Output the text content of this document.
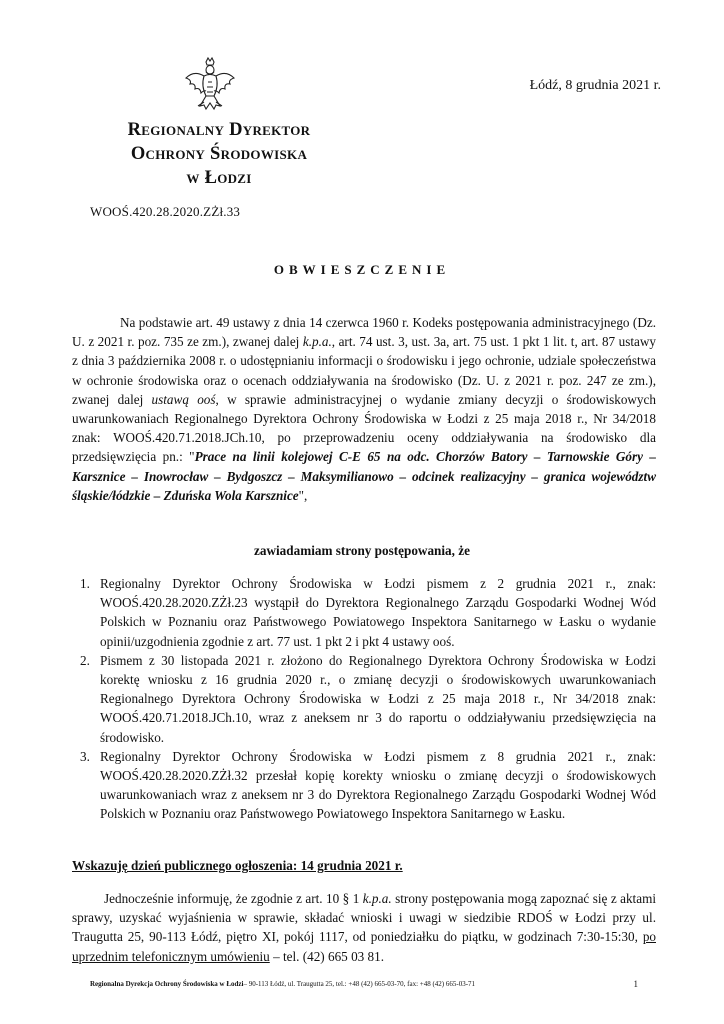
Łódź, 8 grudnia 2021 r.
Regionalny Dyrektor
Ochrony Środowiska
w Łodzi
WOOŚ.420.28.2020.ZŻł.33
OBWIESZCZENIE
Na podstawie art. 49 ustawy z dnia 14 czerwca 1960 r. Kodeks postępowania administracyjnego (Dz. U. z 2021 r. poz. 735 ze zm.), zwanej dalej k.p.a., art. 74 ust. 3, ust. 3a, art. 75 ust. 1 pkt 1 lit. t, art. 87 ustawy z dnia 3 października 2008 r. o udostępnianiu informacji o środowisku i jego ochronie, udziale społeczeństwa w ochronie środowiska oraz o ocenach oddziaływania na środowisko (Dz. U. z 2021 r. poz. 247 ze zm.), zwanej dalej ustawą ooś, w sprawie administracyjnej o wydanie zmiany decyzji o środowiskowych uwarunkowaniach Regionalnego Dyrektora Ochrony Środowiska w Łodzi z 25 maja 2018 r., Nr 34/2018 znak: WOOŚ.420.71.2018.JCh.10, po przeprowadzeniu oceny oddziaływania na środowisko dla przedsięwzięcia pn.: "Prace na linii kolejowej C-E 65 na odc. Chorzów Batory – Tarnowskie Góry – Karsznice – Inowrocław – Bydgoszcz – Maksymilianowo – odcinek realizacyjny – granica województw śląskie/łódzkie – Zduńska Wola Karsznice",
zawiadamiam strony postępowania, że
1. Regionalny Dyrektor Ochrony Środowiska w Łodzi pismem z 2 grudnia 2021 r., znak: WOOŚ.420.28.2020.ZŻł.23 wystąpił do Dyrektora Regionalnego Zarządu Gospodarki Wodnej Wód Polskich w Poznaniu oraz Państwowego Powiatowego Inspektora Sanitarnego w Łasku o wydanie opinii/uzgodnienia zgodnie z art. 77 ust. 1 pkt 2 i pkt 4 ustawy ooś.
2. Pismem z 30 listopada 2021 r. złożono do Regionalnego Dyrektora Ochrony Środowiska w Łodzi korektę wniosku z 16 grudnia 2020 r., o zmianę decyzji o środowiskowych uwarunkowaniach Regionalnego Dyrektora Ochrony Środowiska w Łodzi z 25 maja 2018 r., Nr 34/2018 znak: WOOŚ.420.71.2018.JCh.10, wraz z aneksem nr 3 do raportu o oddziaływaniu przedsięwzięcia na środowisko.
3. Regionalny Dyrektor Ochrony Środowiska w Łodzi pismem z 8 grudnia 2021 r., znak: WOOŚ.420.28.2020.ZŻł.32 przesłał kopię korekty wniosku o zmianę decyzji o środowiskowych uwarunkowaniach wraz z aneksem nr 3 do Dyrektora Regionalnego Zarządu Gospodarki Wodnej Wód Polskich w Poznaniu oraz Państwowego Powiatowego Inspektora Sanitarnego w Łasku.
Wskazuję dzień publicznego ogłoszenia: 14 grudnia 2021 r.
Jednocześnie informuję, że zgodnie z art. 10 § 1 k.p.a. strony postępowania mogą zapoznać się z aktami sprawy, uzyskać wyjaśnienia w sprawie, składać wnioski i uwagi w siedzibie RDOŚ w Łodzi przy ul. Traugutta 25, 90-113 Łódź, piętro XI, pokój 1117, od poniedziałku do piątku, w godzinach 7:30-15:30, po uprzednim telefonicznym umówieniu – tel. (42) 665 03 81.
Regionalna Dyrekcja Ochrony Środowiska w Łodzi– 90-113 Łódź, ul. Traugutta 25, tel.: +48 (42) 665-03-70, fax: +48 (42) 665-03-71	1
